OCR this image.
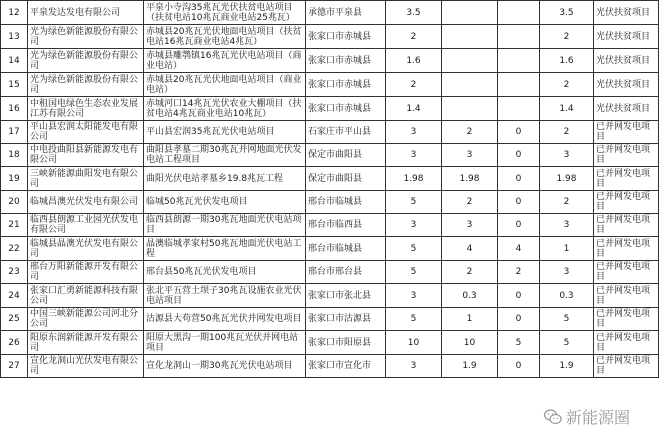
12	平泉发达发电有限公司	平泉小寺沟35兆瓦光伏扶贫电站项目（扶贫电站10兆瓦商业电站25兆瓦）	承德市平泉县	3.5			3.5	光伏扶贫项目
13	光为绿色新能源股份有限公司	赤城县20兆瓦光伏地面电站项目（扶贫电站16兆瓦商业电站4兆瓦）	张家口市赤城县	2			2	光伏扶贫项目
14	光为绿色新能源股份有限公司	赤城县雕鹗镇16兆瓦光伏电站项目（商业电站）	张家口市赤城县	1.6			1.6	光伏扶贫项目
15	光为绿色新能源股份有限公司	赤城县20兆瓦光伏地面电站项目（商业电站）	张家口市赤城县	2			2	光伏扶贫项目
16	中租国电绿色生态农业发展江苏有限公司	赤城河口14兆瓦光伏农业大棚项目（扶贫电站4兆瓦商业电站10兆瓦）	张家口市赤城县	1.4			1.4	光伏扶贫项目
17	平山县宏润太阳能发电有限公司	平山县宏润35兆瓦光伏电站项目	石家庄市平山县	3	2	0	2	已并网发电项目
18	中电投曲阳县新能源发电有限公司	曲阳县孝墓二期30兆瓦并网地面光伏发电站工程项目	保定市曲阳县	3	3	0	3	已并网发电项目
19	三峡新能源曲阳发电有限公司	曲阳光伏电站孝墓乡19.8兆瓦工程	保定市曲阳县	1.98	1.98	0	1.98	已并网发电项目
20	临城昌澳光伏发电有限公司	临城50兆瓦光伏发电项目	邢台市临城县	5	2	0	2	已并网发电项目
21	临西县朗源工业园光伏发电有限公司	临西县朗源一期30兆瓦地面光伏电站项目	邢台市临西县	3	3	0	3	已并网发电项目
22	临城县晶澳光伏发电有限公司	晶澳临城孝家村50兆瓦地面光伏电站工程	邢台市临城县	5	4	4	1	已并网发电项目
23	邢台万阳新能源开发有限公司	邢台县50兆瓦光伏发电项目	邢台市邢台县	5	2	2	3	已并网发电项目
24	张家口汇勇新能源科技有限公司	张北平五营土坝子30兆瓦设施农业光伏电站项目	张家口市张北县	3	0.3	0	0.3	已并网发电项目
25	中国三峡新能源公司河北分公司	沽源县大苟营50兆瓦光伏并网发电项目	张家口市沽源县	5	1	0	5	已并网发电项目
26	阳原东润新能源开发有限公司	阳原大黑沟一期100兆瓦光伏并网电站项目	张家口市阳原县	10	10	5	5	已并网发电项目
27	宣化龙洞山光伏发电有限公司	宣化龙洞山一期30兆瓦光伏电站项目	张家口市宣化市	3	1.9	0	1.9	已并网发电项目
新能源圈
